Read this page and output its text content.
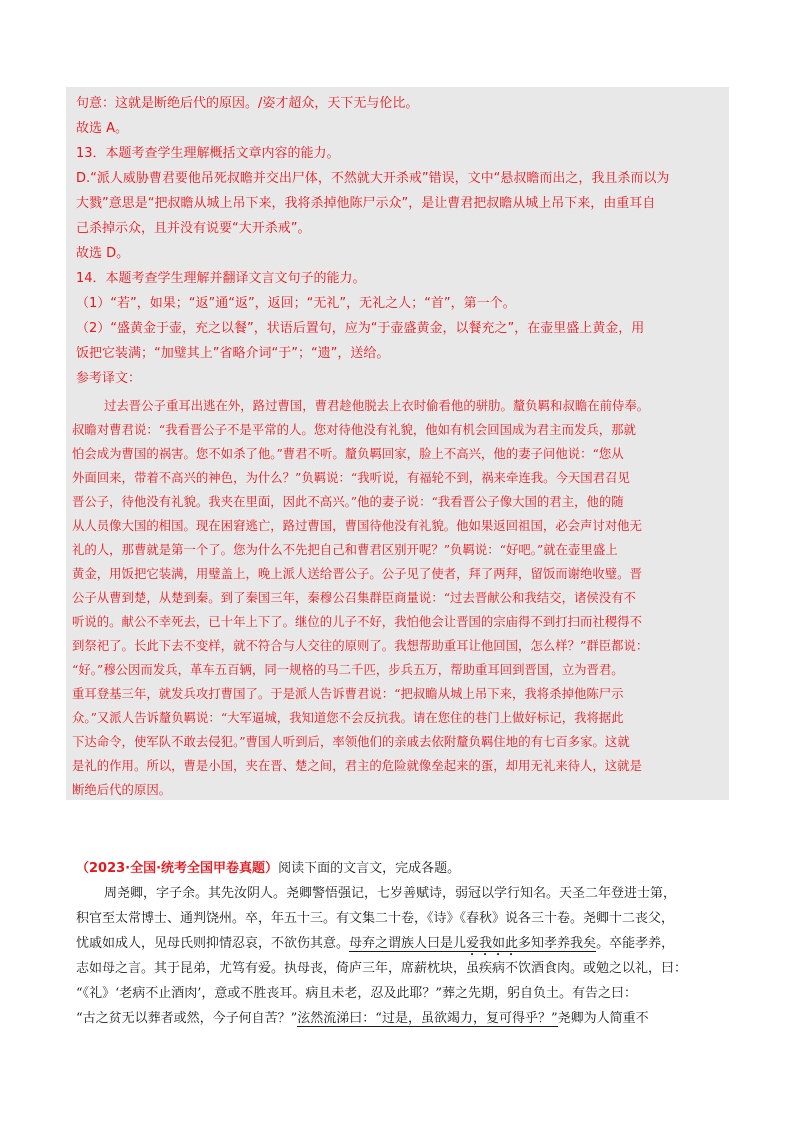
句意：这就是断绝后代的原因。/姿才超众，天下无与伦比。
故选 A。
13．本题考查学生理解概括文章内容的能力。
D.“派人威胁曹君要他吊死叔瞻并交出尸体，不然就大开杀戒”错误，文中“悬叔瞻而出之，我且杀而以为
大戮”意思是“把叔瞻从城上吊下来，我将杀掉他陈尸示众”，是让曹君把叔瞻从城上吊下来，由重耳自
己杀掉示众，且并没有说要“大开杀戒”。
故选 D。
14．本题考查学生理解并翻译文言文句子的能力。
（1）“若”，如果；“返”通“返”，返回；“无礼”，无礼之人；“首”，第一个。
（2）“盛黄金于壶，充之以餐”，状语后置句，应为“于壶盛黄金，以餐充之”，在壶里盛上黄金，用
饭把它装满；“加璧其上”省略介词“于”；“遗”，送给。
参考译文：
过去晋公子重耳出逃在外，路过曹国，曹君趁他脱去上衣时偷看他的骈肋。釐负羁和叔瞻在前侍奉。
叔瞻对曹君说：“我看晋公子不是平常的人。您对待他没有礼貌，他如有机会回国成为君主而发兵，那就
怕会成为曹国的祸害。您不如杀了他。”曹君不听。釐负羁回家，脸上不高兴，他的妻子问他说：“您从
外面回来，带着不高兴的神色，为什么？”负羁说：“我听说，有福轮不到，祸来牵连我。今天国君召见
晋公子，待他没有礼貌。我夹在里面，因此不高兴。”他的妻子说：“我看晋公子像大国的君主，他的随
从人员像大国的相国。现在困窘逃亡，路过曹国，曹国待他没有礼貌。他如果返回祖国，必会声讨对他无
礼的人，那曹就是第一个了。您为什么不先把自己和曹君区别开呢？”负羁说：“好吧。”就在壶里盛上
黄金，用饭把它装满，用璧盖上，晚上派人送给晋公子。公子见了使者，拜了两拜，留饭而谢绝收璧。晋
公子从曹到楚，从楚到秦。到了秦国三年，秦穆公召集群臣商量说：“过去晋献公和我结交，诸侯没有不
听说的。献公不幸死去，已十年上下了。继位的儿子不好，我怕他会让晋国的宗庙得不到打扫而社稷得不
到祭祀了。长此下去不变样，就不符合与人交往的原则了。我想帮助重耳让他回国，怎么样？”群臣都说：
“好。”穆公因而发兵，革车五百辆，同一规格的马二千匹，步兵五万，帮助重耳回到晋国，立为晋君。
重耳登基三年，就发兵攻打曹国了。于是派人告诉曹君说：“把叔瞻从城上吊下来，我将杀掉他陈尸示
众。”又派人告诉釐负羁说：“大军逼城，我知道您不会反抗我。请在您住的巷门上做好标记，我将据此
下达命令，使军队不敢去侵犯。”曹国人听到后，率领他们的亲戚去依附釐负羁住地的有七百多家。这就
是礼的作用。所以，曹是小国，夹在晋、楚之间，君主的危险就像垒起来的蛋，却用无礼来待人，这就是
断绝后代的原因。
（2023·全国·统考全国甲卷真题）阅读下面的文言文，完成各题。
周尧卿，字子余。其先汝阴人。尧卿警悟强记，七岁善赋诗，弱冠以学行知名。天圣二年登进士第，
积官至太常博士、通判饶州。卒，年五十三。有文集二十卷，《诗》《春秋》说各三十卷。尧卿十二丧父，
忧戚如成人，见母氏则抑情忍哀，不欲伤其意。母弃之谓族人曰是儿爱我如此多知孝养我矣。卒能孝养，
志如母之言。其于昆弟，尤笃有爱。执母丧，倚庐三年，席薪枕块，虽疾病不饮酒食肉。或勉之以礼，曰：
“《礼》‘老病不止酒肉’，意或不胜丧耳。病且未老，忍及此耶？”葬之先期，躬自负土。有告之曰：
“古之贫无以葬者或然，今子何自苦？”泫然流涕曰：“过是，虽欲竭力，复可得乎？”尧卿为人简重不
